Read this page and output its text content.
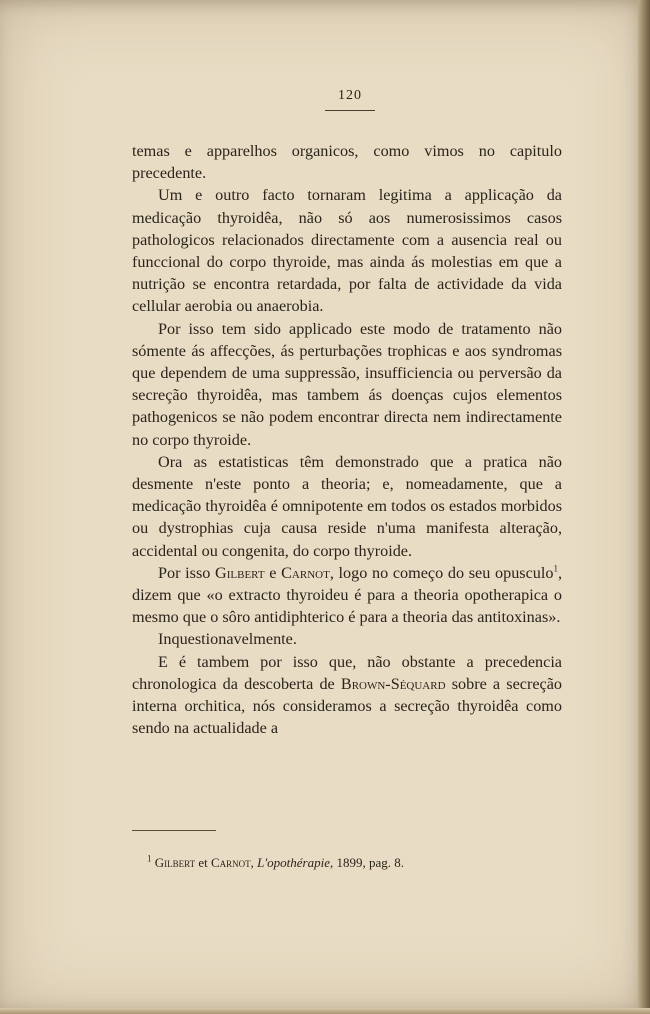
120

temas e apparelhos organicos, como vimos no capitulo precedente.

Um e outro facto tornaram legitima a applicação da medicação thyroidêa, não só aos numerosissimos casos pathologicos relacionados directamente com a ausencia real ou funccional do corpo thyroide, mas ainda ás molestias em que a nutrição se encontra retardada, por falta de actividade da vida cellular aerobia ou anaerobia.

Por isso tem sido applicado este modo de tratamento não sómente ás affecções, ás perturbações trophicas e aos syndromas que dependem de uma suppressão, insufficiencia ou perversão da secreção thyroidêa, mas tambem ás doenças cujos elementos pathogenicos se não podem encontrar directa nem indirectamente no corpo thyroide.

Ora as estatisticas têm demonstrado que a pratica não desmente n'este ponto a theoria; e, nomeadamente, que a medicação thyroidêa é omnipotente em todos os estados morbidos ou dystrophias cuja causa reside n'uma manifesta alteração, accidental ou congenita, do corpo thyroide.

Por isso Gilbert e Carnot, logo no começo do seu opusculo$^1$, dizem que «o extracto thyroideu é para a theoria opotherapica o mesmo que o sôro antidiphterico é para a theoria das antitoxinas».

Inquestionavelmente.

E é tambem por isso que, não obstante a precedencia chronologica da descoberta de Brown-Séquard sobre a secreção interna orchitica, nós consideramos a secreção thyroidêa como sendo na actualidade a

$^1$ Gilbert et Carnot, L'opothérapie, 1899, pag. 8.
